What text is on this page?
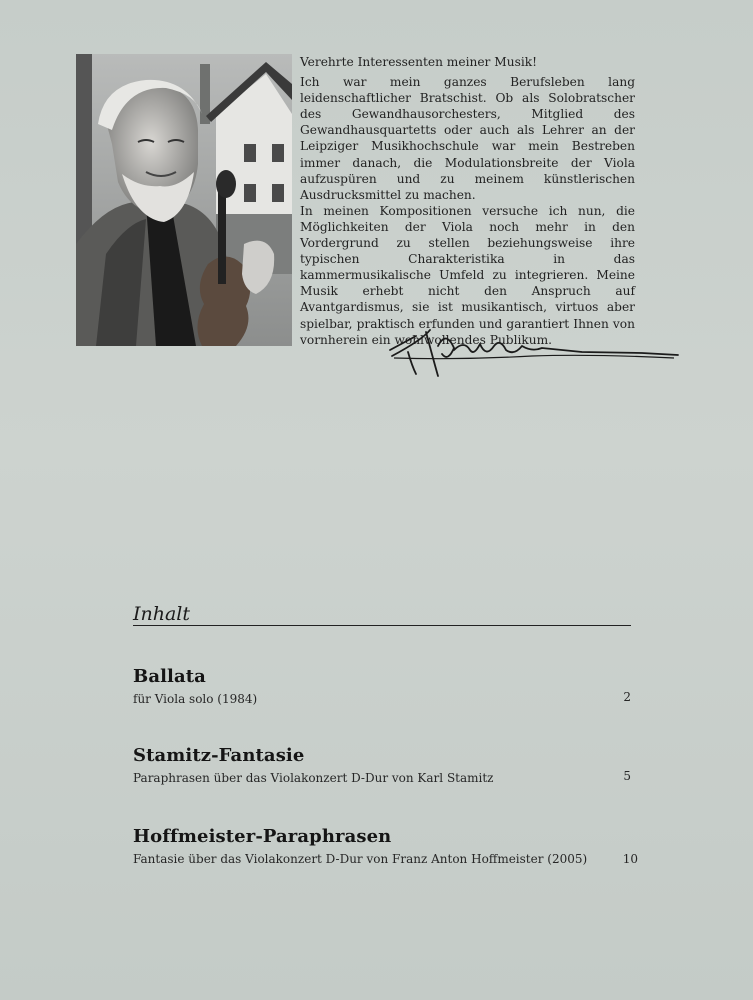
Verehrte Interessenten meiner Musik!

Ich war mein ganzes Berufsleben lang leidenschaftlicher Bratschist. Ob als Solobratscher des Gewandhausorchesters, Mitglied des Gewandhausquartetts oder auch als Lehrer an der Leipziger Musikhochschule war mein Bestreben immer danach, die Modulationsbreite der Viola aufzuspüren und zu meinem künstlerischen Ausdrucksmittel zu machen.

In meinen Kompositionen versuche ich nun, die Möglichkeiten der Viola noch mehr in den Vordergrund zu stellen beziehungsweise ihre typischen Charakteristika in das kammermusikalische Umfeld zu integrieren. Meine Musik erhebt nicht den Anspruch auf Avantgardismus, sie ist musikantisch, virtuos aber spielbar, praktisch erfunden und garantiert Ihnen von vornherein ein wohlwollendes Publikum.

Inhalt
Ballata
für Viola solo (1984)	2
Stamitz-Fantasie
Paraphrasen über das Violakonzert D-Dur von Karl Stamitz	5
Hoffmeister-Paraphrasen
Fantasie über das Violakonzert D-Dur von Franz Anton Hoffmeister (2005)	10
